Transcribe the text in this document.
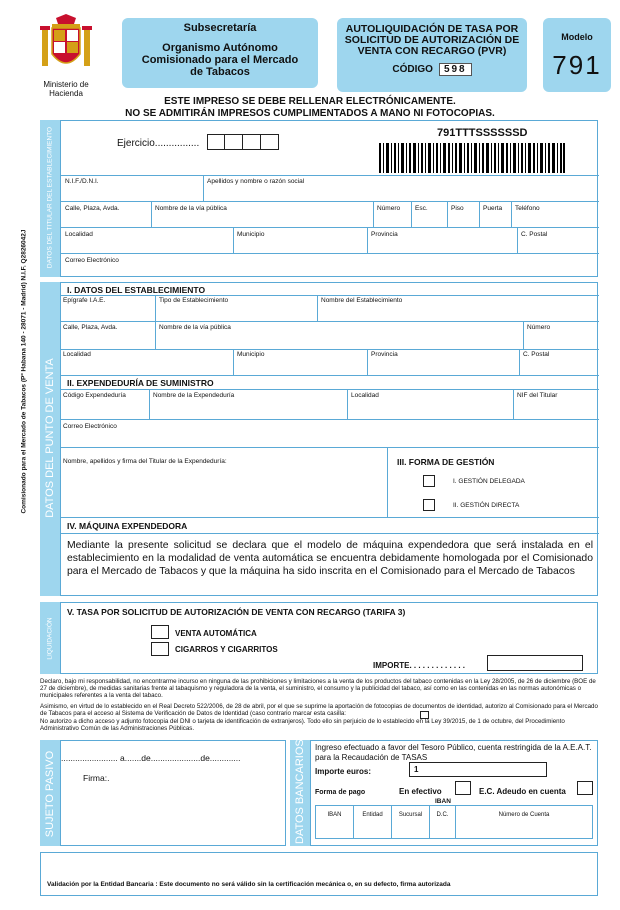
Ministerio de Hacienda
Subsecretaría
Organismo Autónomo
Comisionado para el Mercado
de Tabacos
AUTOLIQUIDACIÓN DE TASA POR SOLICITUD DE AUTORIZACIÓN DE VENTA CON RECARGO (PVR)
CÓDIGO 598
Modelo
791
ESTE IMPRESO SE DEBE RELLENAR ELECTRÓNICAMENTE.
NO SE ADMITIRÁN IMPRESOS CUMPLIMENTADOS A MANO NI FOTOCOPIAS.
Comisionado para el Mercado de Tabacos (Pº Habana 140 - 28071 - Madrid) N.I.F. Q2826042J
DATOS DEL TITULAR DEL ESTABLECIMIENTO	Ejercicio................
791TTTSSSSSSD
N.I.F./D.N.I.	Apellidos y nombre o razón social
Calle, Plaza, Avda.	Nombre de la vía pública	Número Esc.	Piso	Puerta Teléfono
Localidad	Municipio	Provincia	C. Postal
Correo Electrónico
DATOS DEL PUNTO DE VENTA
I. DATOS DEL ESTABLECIMIENTO
Epígrafe I.A.E.	Tipo de Establecimiento	Nombre del Establecimiento
Calle, Plaza, Avda.	Nombre de la vía pública	Número
Localidad	Municipio	Provincia	C. Postal
II. EXPENDEDURÍA DE SUMINISTRO
Código Expendeduría	Nombre de la Expendeduría	Localidad	NIF del Titular
Correo Electrónico
Nombre, apellidos y firma del Titular de la Expendeduría:	III. FORMA DE GESTIÓN
I. GESTIÓN DELEGADA
II. GESTIÓN DIRECTA
IV. MÁQUINA EXPENDEDORA
Mediante la presente solicitud se declara que el modelo de máquina expendedora que será instalada en el establecimiento en la modalidad de venta automática se encuentra debidamente homologada por el Comisionado para el Mercado de Tabacos y que la máquina ha sido inscrita en el Comisionado para el Mercado de Tabacos
LIQUIDACIÓN
V. TASA POR SOLICITUD DE AUTORIZACIÓN DE VENTA CON RECARGO (TARIFA 3)
VENTA AUTOMÁTICA
CIGARROS Y CIGARRITOS
IMPORTE. . . . . . . . . . . . .
Declaro, bajo mi responsabilidad, no encontrarme incurso en ninguna de las prohibiciones y limitaciones a la venta de los productos del tabaco contenidas en la Ley 28/2005, de 26 de diciembre (BOE de 27 de diciembre), de medidas sanitarias frente al tabaquismo y reguladora de la venta, el suministro, el consumo y la publicidad del tabaco, así como en las contenidas en las normas autonómicas o municipales referentes a la venta del tabaco.
Asimismo, en virtud de lo establecido en el Real Decreto 522/2006, de 28 de abril, por el que se suprime la aportación de fotocopias de documentos de identidad, autorizo al Comisionado para el Mercado de Tabacos para el acceso al Sistema de Verificación de Datos de Identidad (caso contrario marcar esta casilla:
No autorizo a dicho acceso y adjunto fotocopia del DNI o tarjeta de identificación de extranjeros). Todo ello sin perjuicio de lo establecido en la Ley 39/2015, de 1 de octubre, del Procedimiento Administrativo Común de las Administraciones Públicas.
SUJETO PASIVO ........................ a.......de.....................de.............
Firma:.	DATOS BANCARIOS Ingreso efectuado a favor del Tesoro Público, cuenta restringida de la A.E.A.T. para la Recaudación de TASAS
Importe euros:	1
Forma de pago	En efectivo	E.C. Adeudo en cuenta
IBAN
IBAN	Entidad	Sucursal	D.C.	Número de Cuenta
Validación por la Entidad Bancaria : Este documento no será válido sin la certificación mecánica o, en su defecto, firma autorizada
